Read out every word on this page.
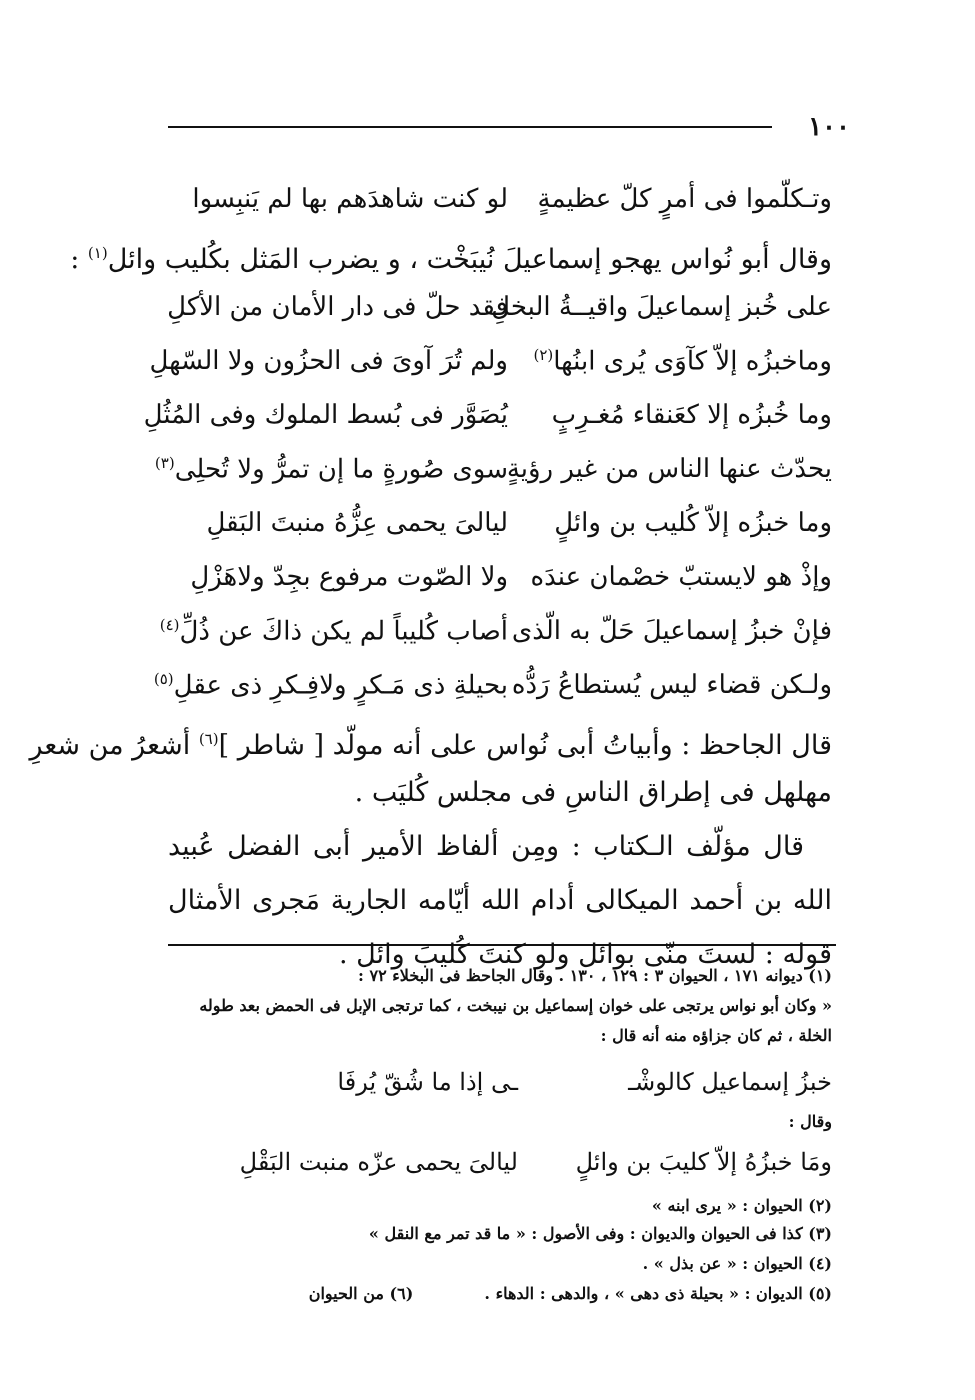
١٠٠
وتـكلّموا فى أمرٍ كلّ عظيمةٍ
لو كنت شاهدَهم بها لم يَنبِسوا
وقال أبو نُواس يهجو إسماعيلَ نُيبَخْت ، و يضرب المَثل بكُليب وائل$^{(١)}$ :
على خُبز إسماعيلَ واقيــةُ البخلِ
فقد حلّ فى دار الأمان من الأكلِ
وماخبزُه إلاّ كآوَى يُرى ابنُها$^{(٢)}$
ولم تُرَ آوىَ فى الحزُون ولا السّهلِ
وما خُبزُه إلا كعَنقاء مُغـرِبٍ
يُصَوَّر فى بُسط الملوك وفى المُثُلِ
يحدّث عنها الناس من غير رؤيةٍ
سوى صُورةٍ ما إن تمرُّ ولا تُحلِى$^{(٣)}$
وما خبزُه إلاّ كُليب بن وائلٍ
ليالىَ يحمى عِزُّهُ منبتَ البَقلِ
وإذْ هو لايستبّ خصْمان عندَه
ولا الصّوت مرفوع بجِدّ ولاهَزْلِ
فإنْ خبزُ إسماعيلَ حَلّ به الّذى
أصاب كُليباً لم يكن ذاكَ عن ذُلِّ$^{(٤)}$
ولـكن قضاء ليس يُستطاعُ رَدُّه
بحيلةِ ذى مَـكرٍ ولافِـكرِ ذى عقلِ$^{(٥)}$
قال الجاحظ : وأبياتُ أبى نُواس على أنه مولّد [ شاطر ]$^{(٦)}$ أشعرُ من شعرِ
مهلهل فى إطراق الناسِ فى مجلس كُليَب .
قال مؤلّف الـكتاب : ومِن ألفاظ الأمير أبى الفضل عُبيد الله بن أحمد الميكالى أدام الله أيّامه الجارية مَجرى الأمثال قوله : لستَ منّى بوائل ولو كنتَ كُليبَ وائل .
(١) ديوانه ١٧١ ، الحيوان ٣ : ١٢٩ ، ١٣٠ . وقال الجاحظ فى البخلاء ٧٢ :
« وكان أبو نواس يرتجى على خوان إسماعيل بن نيبخت ، كما ترتجى الإبل فى الحمض بعد طوله
الخلة ، ثم كان جزاؤه منه أنه قال :
خبزُ إسماعيل كالوشْـ
ـى إذا ما شُقّ يُرفَا
وقال :
ومَا خبزُهُ إلاّ كليبَ بن وائلٍ
ليالىَ يحمى عزّه منبت البَقْلِ
(٢) الحيوان : « يرى ابنه »
(٣) كذا فى الحيوان والديوان : وفى الأصول : « ما قد تمر مع النقل »
(٤) الحيوان : « عن بذل » .
(٥) الديوان : « بحيلة ذى دهى » ، والدهى : الدهاء .  (٦) من الحيوان
